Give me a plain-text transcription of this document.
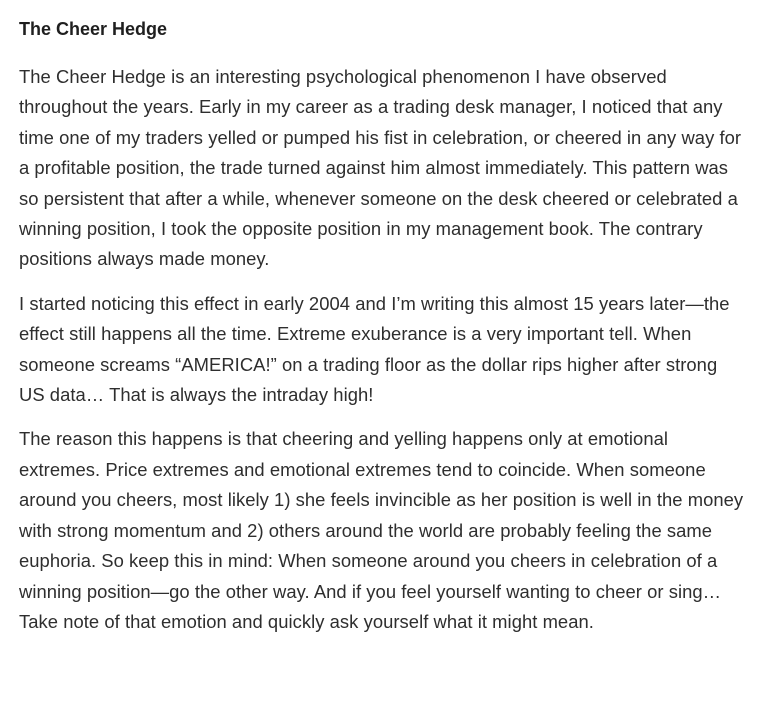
The Cheer Hedge

The Cheer Hedge is an interesting psychological phenomenon I have observed throughout the years. Early in my career as a trading desk manager, I noticed that any time one of my traders yelled or pumped his fist in celebration, or cheered in any way for a profitable position, the trade turned against him almost immediately. This pattern was so persistent that after a while, whenever someone on the desk cheered or celebrated a winning position, I took the opposite position in my management book. The contrary positions always made money.

I started noticing this effect in early 2004 and I’m writing this almost 15 years later—the effect still happens all the time. Extreme exuberance is a very important tell. When someone screams “AMERICA!” on a trading floor as the dollar rips higher after strong US data… That is always the intraday high!

The reason this happens is that cheering and yelling happens only at emotional extremes. Price extremes and emotional extremes tend to coincide. When someone around you cheers, most likely 1) she feels invincible as her position is well in the money with strong momentum and 2) others around the world are probably feeling the same euphoria. So keep this in mind: When someone around you cheers in celebration of a winning position—go the other way. And if you feel yourself wanting to cheer or sing… Take note of that emotion and quickly ask yourself what it might mean.
